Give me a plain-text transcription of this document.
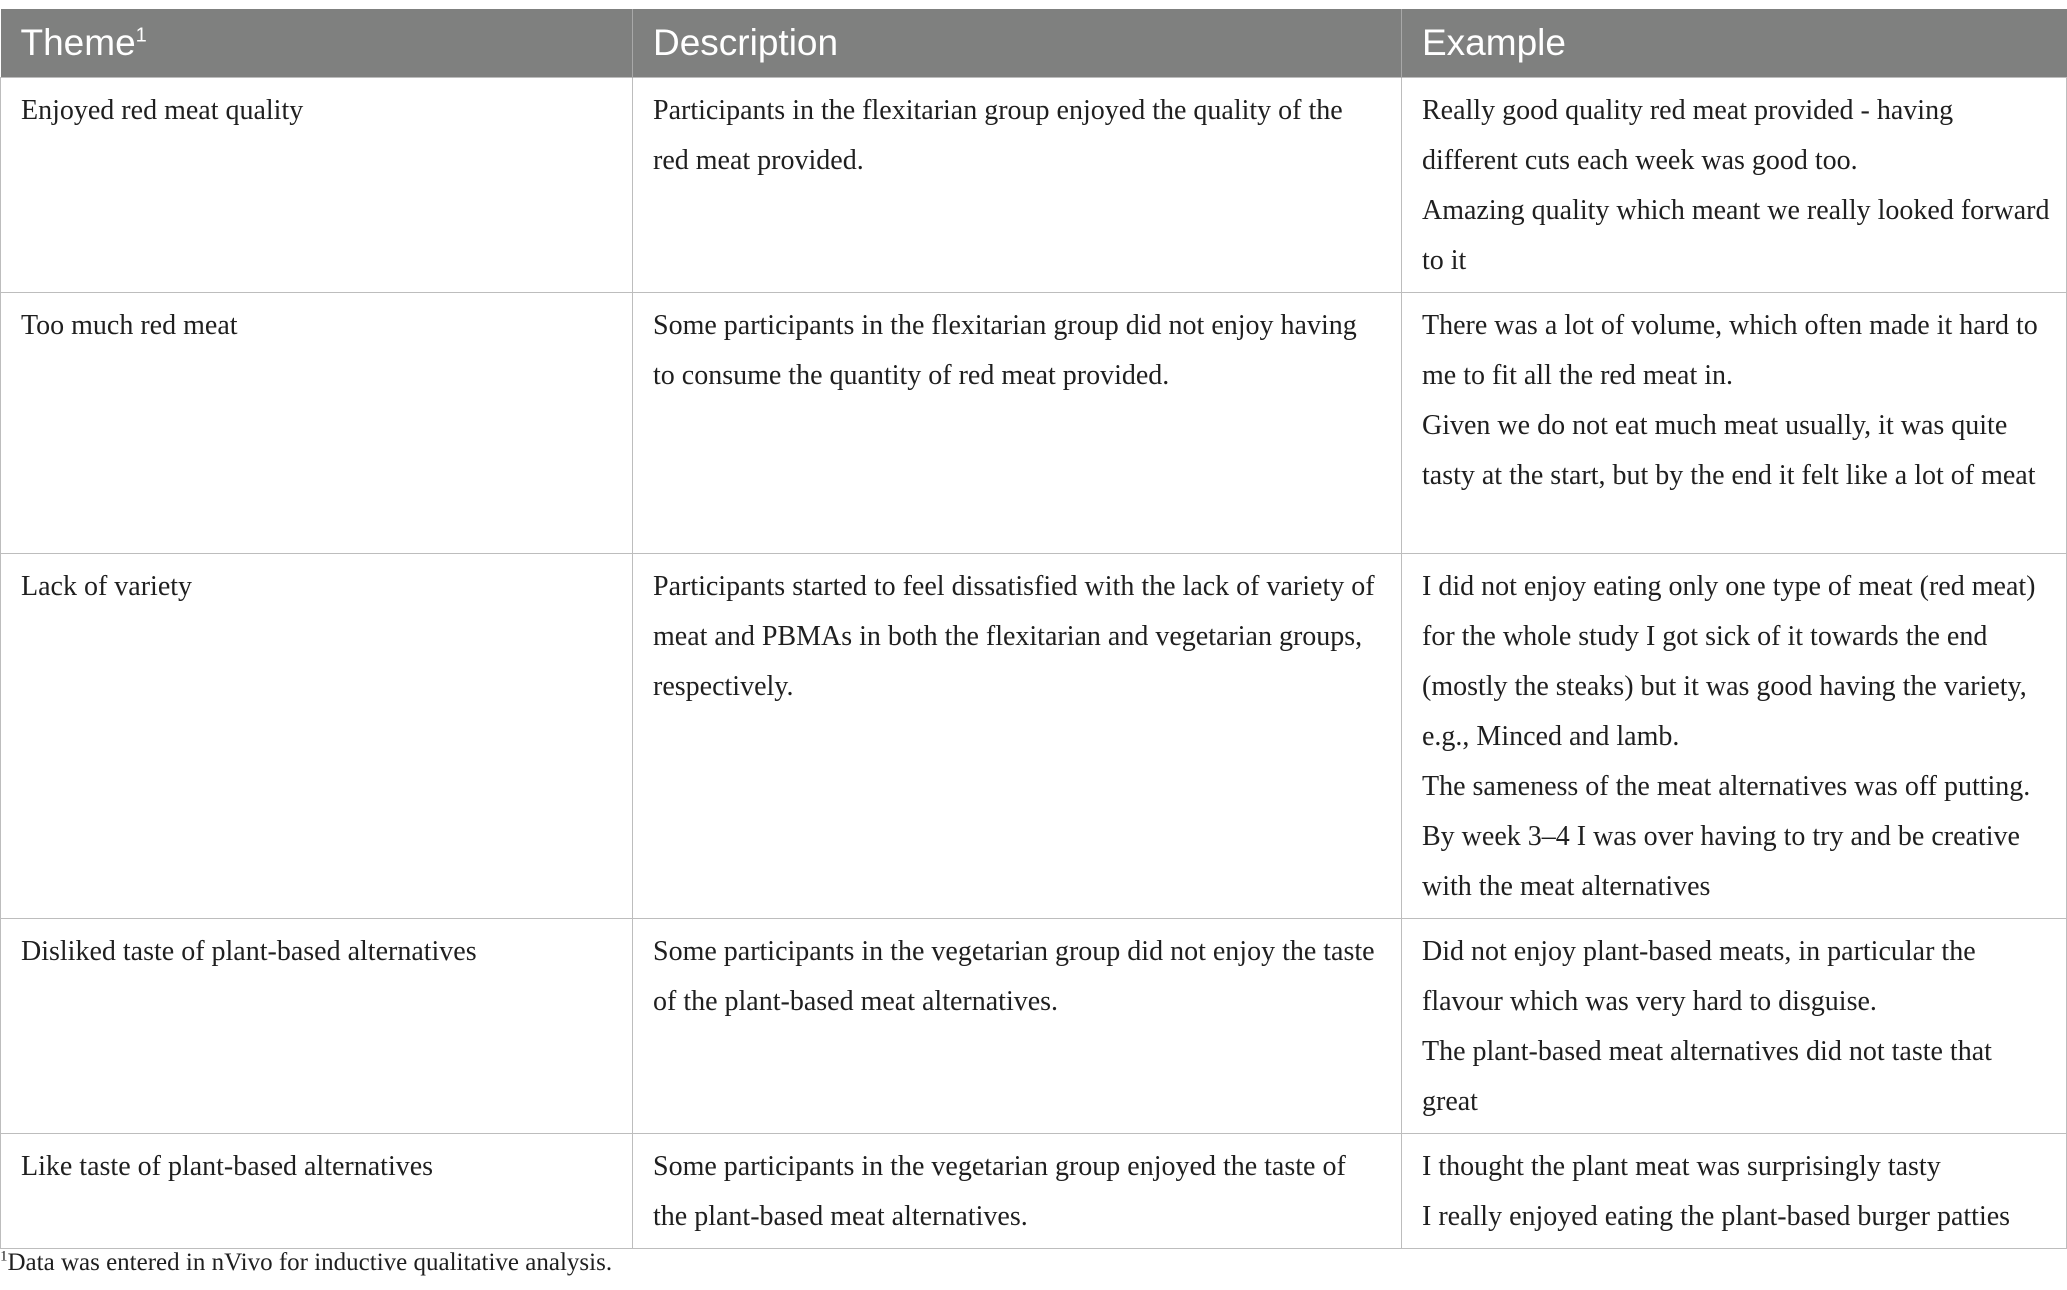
Theme$^1$	Description	Example
Enjoyed red meat quality	Participants in the flexitarian group enjoyed the quality of the red meat provided.	Really good quality red meat provided - having different cuts each week was good too.
Amazing quality which meant we really looked forward to it

Too much red meat	Some participants in the flexitarian group did not enjoy having to consume the quantity of red meat provided.	There was a lot of volume, which often made it hard to me to fit all the red meat in.
Given we do not eat much meat usually, it was quite tasty at the start, but by the end it felt like a lot of meat

Lack of variety	Participants started to feel dissatisfied with the lack of variety of meat and PBMAs in both the flexitarian and vegetarian groups, respectively.	I did not enjoy eating only one type of meat (red meat) for the whole study I got sick of it towards the end (mostly the steaks) but it was good having the variety, e.g., Minced and lamb.
The sameness of the meat alternatives was off putting.
By week 3–4 I was over having to try and be creative with the meat alternatives

Disliked taste of plant-based alternatives	Some participants in the vegetarian group did not enjoy the taste of the plant-based meat alternatives.	Did not enjoy plant-based meats, in particular the flavour which was very hard to disguise.
The plant-based meat alternatives did not taste that great

Like taste of plant-based alternatives	Some participants in the vegetarian group enjoyed the taste of the plant-based meat alternatives.	I thought the plant meat was surprisingly tasty
I really enjoyed eating the plant-based burger patties
$^1$Data was entered in nVivo for inductive qualitative analysis.
